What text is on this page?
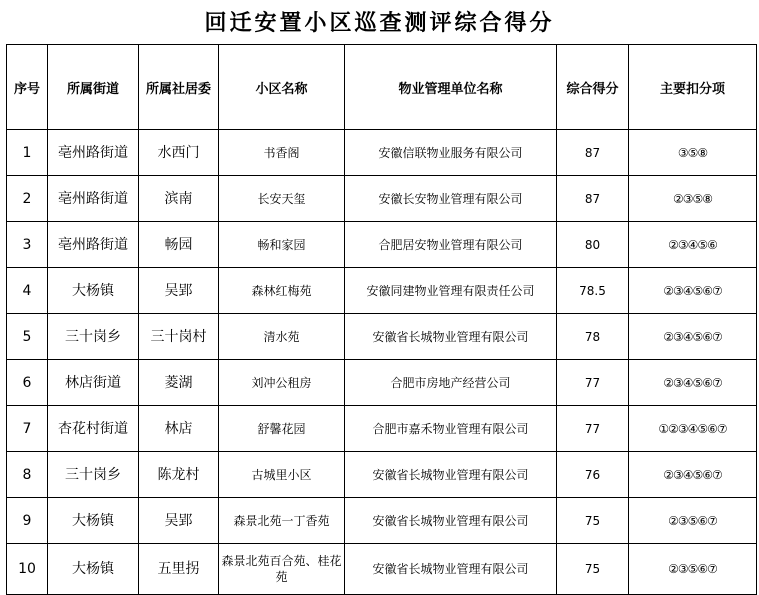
回迁安置小区巡查测评综合得分
序号	所属街道	所属社居委	小区名称	物业管理单位名称	综合得分	主要扣分项
1	亳州路街道	水西门	书香阁	安徽信联物业服务有限公司	87	③⑤⑧
2	亳州路街道	滨南	长安天玺	安徽长安物业管理有限公司	87	②③⑤⑧
3	亳州路街道	畅园	畅和家园	合肥居安物业管理有限公司	80	②③④⑤⑥
4	大杨镇	吴郢	森林红梅苑	安徽同建物业管理有限责任公司	78.5	②③④⑤⑥⑦
5	三十岗乡	三十岗村	清水苑	安徽省长城物业管理有限公司	78	②③④⑤⑥⑦
6	林店街道	菱湖	刘冲公租房	合肥市房地产经营公司	77	②③④⑤⑥⑦
7	杏花村街道	林店	舒馨花园	合肥市嘉禾物业管理有限公司	77	①②③④⑤⑥⑦
8	三十岗乡	陈龙村	古城里小区	安徽省长城物业管理有限公司	76	②③④⑤⑥⑦
9	大杨镇	吴郢	森景北苑一丁香苑	安徽省长城物业管理有限公司	75	②③⑤⑥⑦
10	大杨镇	五里拐	森景北苑百合苑、桂花苑	安徽省长城物业管理有限公司	75	②③⑤⑥⑦
